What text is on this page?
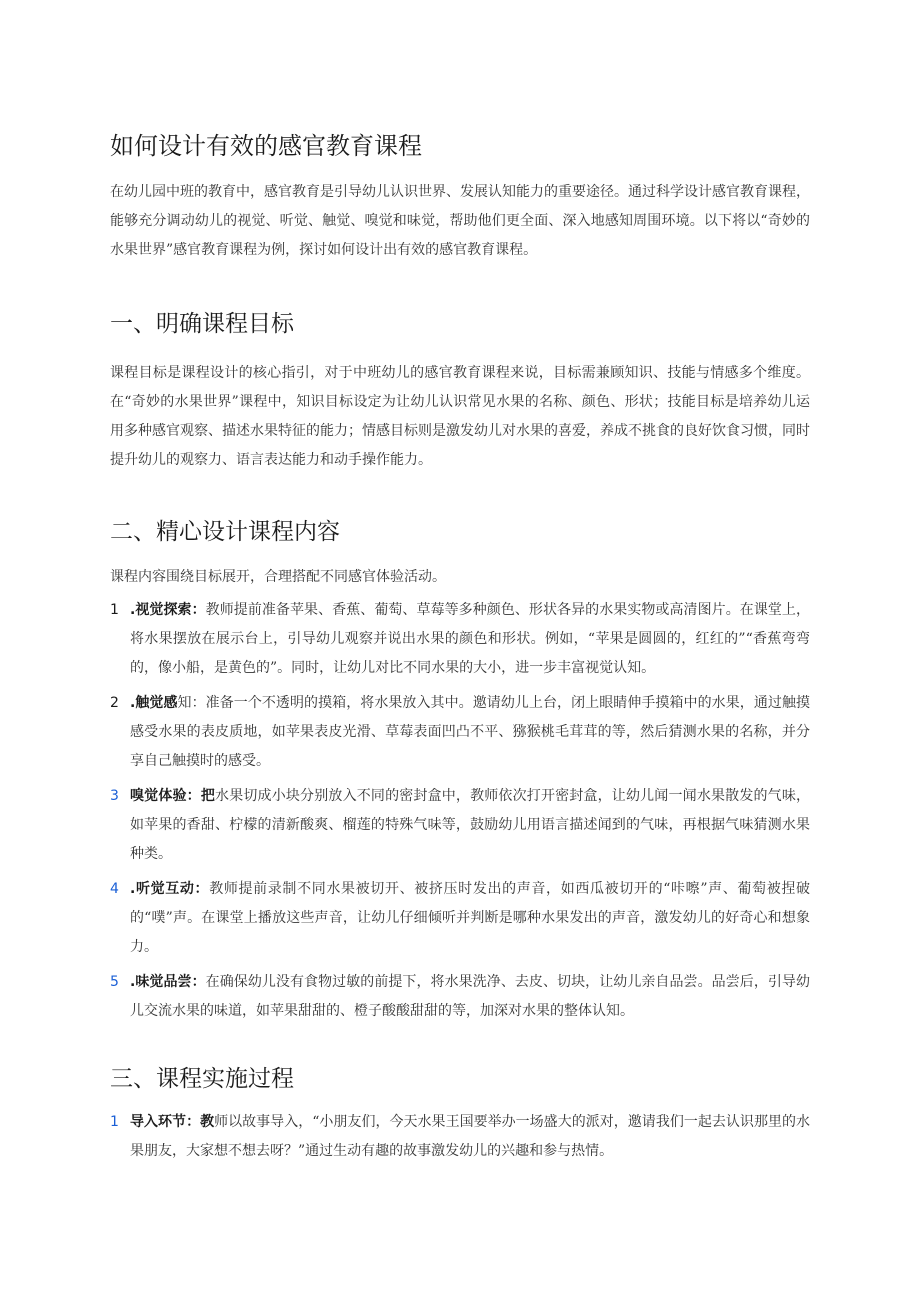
如何设计有效的感官教育课程

在幼儿园中班的教育中，感官教育是引导幼儿认识世界、发展认知能力的重要途径。通过科学设计感官教育课程，能够充分调动幼儿的视觉、听觉、触觉、嗅觉和味觉，帮助他们更全面、深入地感知周围环境。以下将以“奇妙的水果世界”感官教育课程为例，探讨如何设计出有效的感官教育课程。

一、明确课程目标

课程目标是课程设计的核心指引，对于中班幼儿的感官教育课程来说，目标需兼顾知识、技能与情感多个维度。在“奇妙的水果世界”课程中，知识目标设定为让幼儿认识常见水果的名称、颜色、形状；技能目标是培养幼儿运用多种感官观察、描述水果特征的能力；情感目标则是激发幼儿对水果的喜爱，养成不挑食的良好饮食习惯，同时提升幼儿的观察力、语言表达能力和动手操作能力。

二、精心设计课程内容

课程内容围绕目标展开，合理搭配不同感官体验活动。

1 .视觉探索：教师提前准备苹果、香蕉、葡萄、草莓等多种颜色、形状各异的水果实物或高清图片。在课堂上，将水果摆放在展示台上，引导幼儿观察并说出水果的颜色和形状。例如，“苹果是圆圆的，红红的”“香蕉弯弯的，像小船，是黄色的”。同时，让幼儿对比不同水果的大小，进一步丰富视觉认知。
2 .触觉感知：准备一个不透明的摸箱，将水果放入其中。邀请幼儿上台，闭上眼睛伸手摸箱中的水果，通过触摸感受水果的表皮质地，如苹果表皮光滑、草莓表面凹凸不平、猕猴桃毛茸茸的等，然后猜测水果的名称，并分享自己触摸时的感受。
3 嗅觉体验：把水果切成小块分别放入不同的密封盒中，教师依次打开密封盒，让幼儿闻一闻水果散发的气味，如苹果的香甜、柠檬的清新酸爽、榴莲的特殊气味等，鼓励幼儿用语言描述闻到的气味，再根据气味猜测水果种类。
4 .听觉互动：教师提前录制不同水果被切开、被挤压时发出的声音，如西瓜被切开的“咔嚓”声、葡萄被捏破的“噗”声。在课堂上播放这些声音，让幼儿仔细倾听并判断是哪种水果发出的声音，激发幼儿的好奇心和想象力。
5 .味觉品尝：在确保幼儿没有食物过敏的前提下，将水果洗净、去皮、切块，让幼儿亲自品尝。品尝后，引导幼儿交流水果的味道，如苹果甜甜的、橙子酸酸甜甜的等，加深对水果的整体认知。
三、课程实施过程
1 导入环节：教师以故事导入，“小朋友们，今天水果王国要举办一场盛大的派对，邀请我们一起去认识那里的水果朋友，大家想不想去呀？”通过生动有趣的故事激发幼儿的兴趣和参与热情。
